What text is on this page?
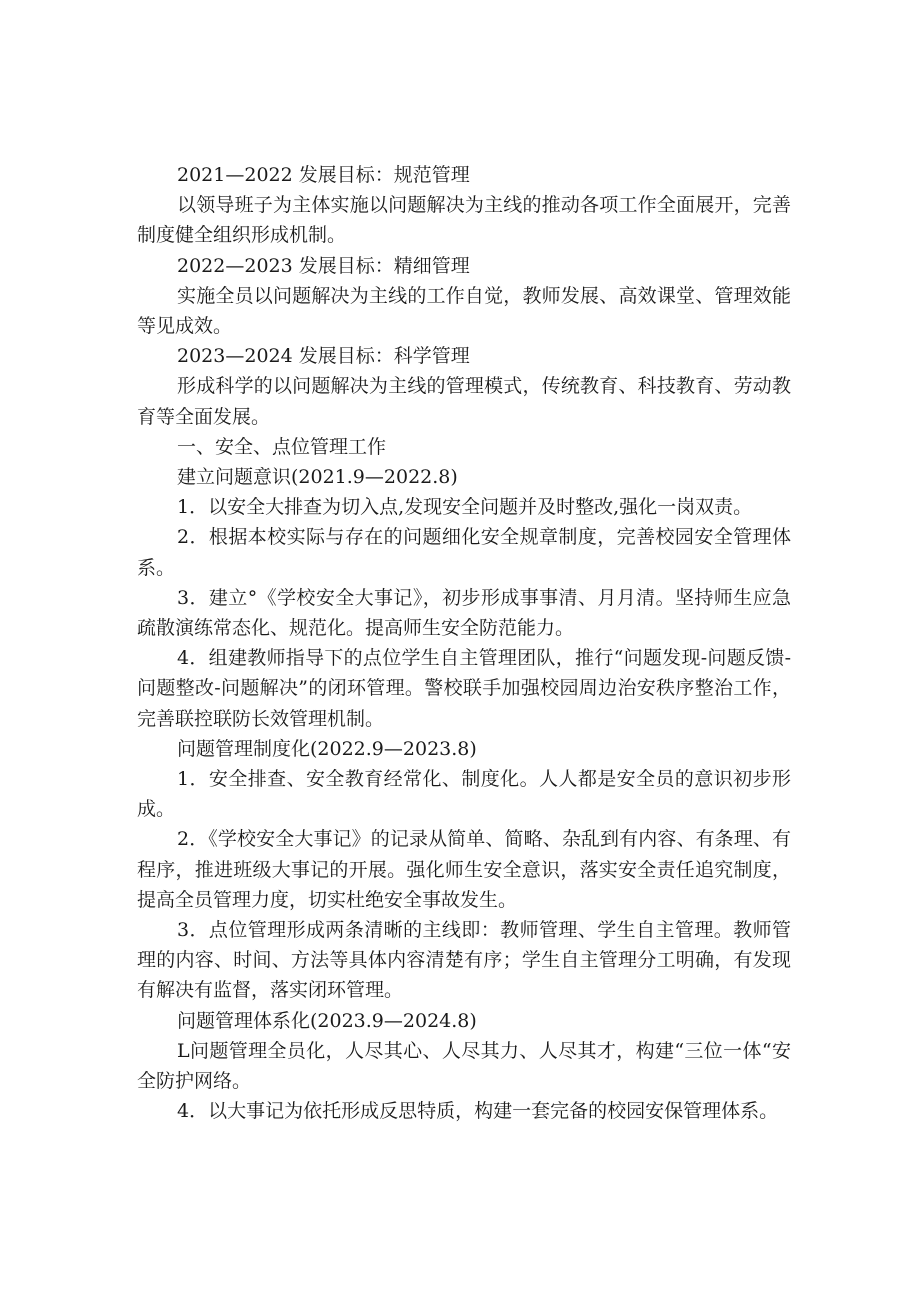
2021—2022 发展目标：规范管理

以领导班子为主体实施以问题解决为主线的推动各项工作全面展开，完善制度健全组织形成机制。

2022—2023 发展目标：精细管理

实施全员以问题解决为主线的工作自觉，教师发展、高效课堂、管理效能等见成效。

2023—2024 发展目标：科学管理

形成科学的以问题解决为主线的管理模式，传统教育、科技教育、劳动教育等全面发展。

一、安全、点位管理工作

建立问题意识(2021.9—2022.8)

1．以安全大排查为切入点,发现安全问题并及时整改,强化一岗双责。

2．根据本校实际与存在的问题细化安全规章制度，完善校园安全管理体系。

3．建立°《学校安全大事记》，初步形成事事清、月月清。坚持师生应急疏散演练常态化、规范化。提高师生安全防范能力。

4．组建教师指导下的点位学生自主管理团队，推行“问题发现-问题反馈-问题整改-问题解决”的闭环管理。警校联手加强校园周边治安秩序整治工作，完善联控联防长效管理机制。

问题管理制度化(2022.9—2023.8)

1．安全排查、安全教育经常化、制度化。人人都是安全员的意识初步形成。

2．《学校安全大事记》的记录从简单、简略、杂乱到有内容、有条理、有程序，推进班级大事记的开展。强化师生安全意识，落实安全责任追究制度，提高全员管理力度，切实杜绝安全事故发生。

3．点位管理形成两条清晰的主线即：教师管理、学生自主管理。教师管理的内容、时间、方法等具体内容清楚有序；学生自主管理分工明确，有发现有解决有监督，落实闭环管理。

问题管理体系化(2023.9—2024.8)

L问题管理全员化，人尽其心、人尽其力、人尽其才，构建“三位一体“安全防护网络。

4．以大事记为依托形成反思特质，构建一套完备的校园安保管理体系。
